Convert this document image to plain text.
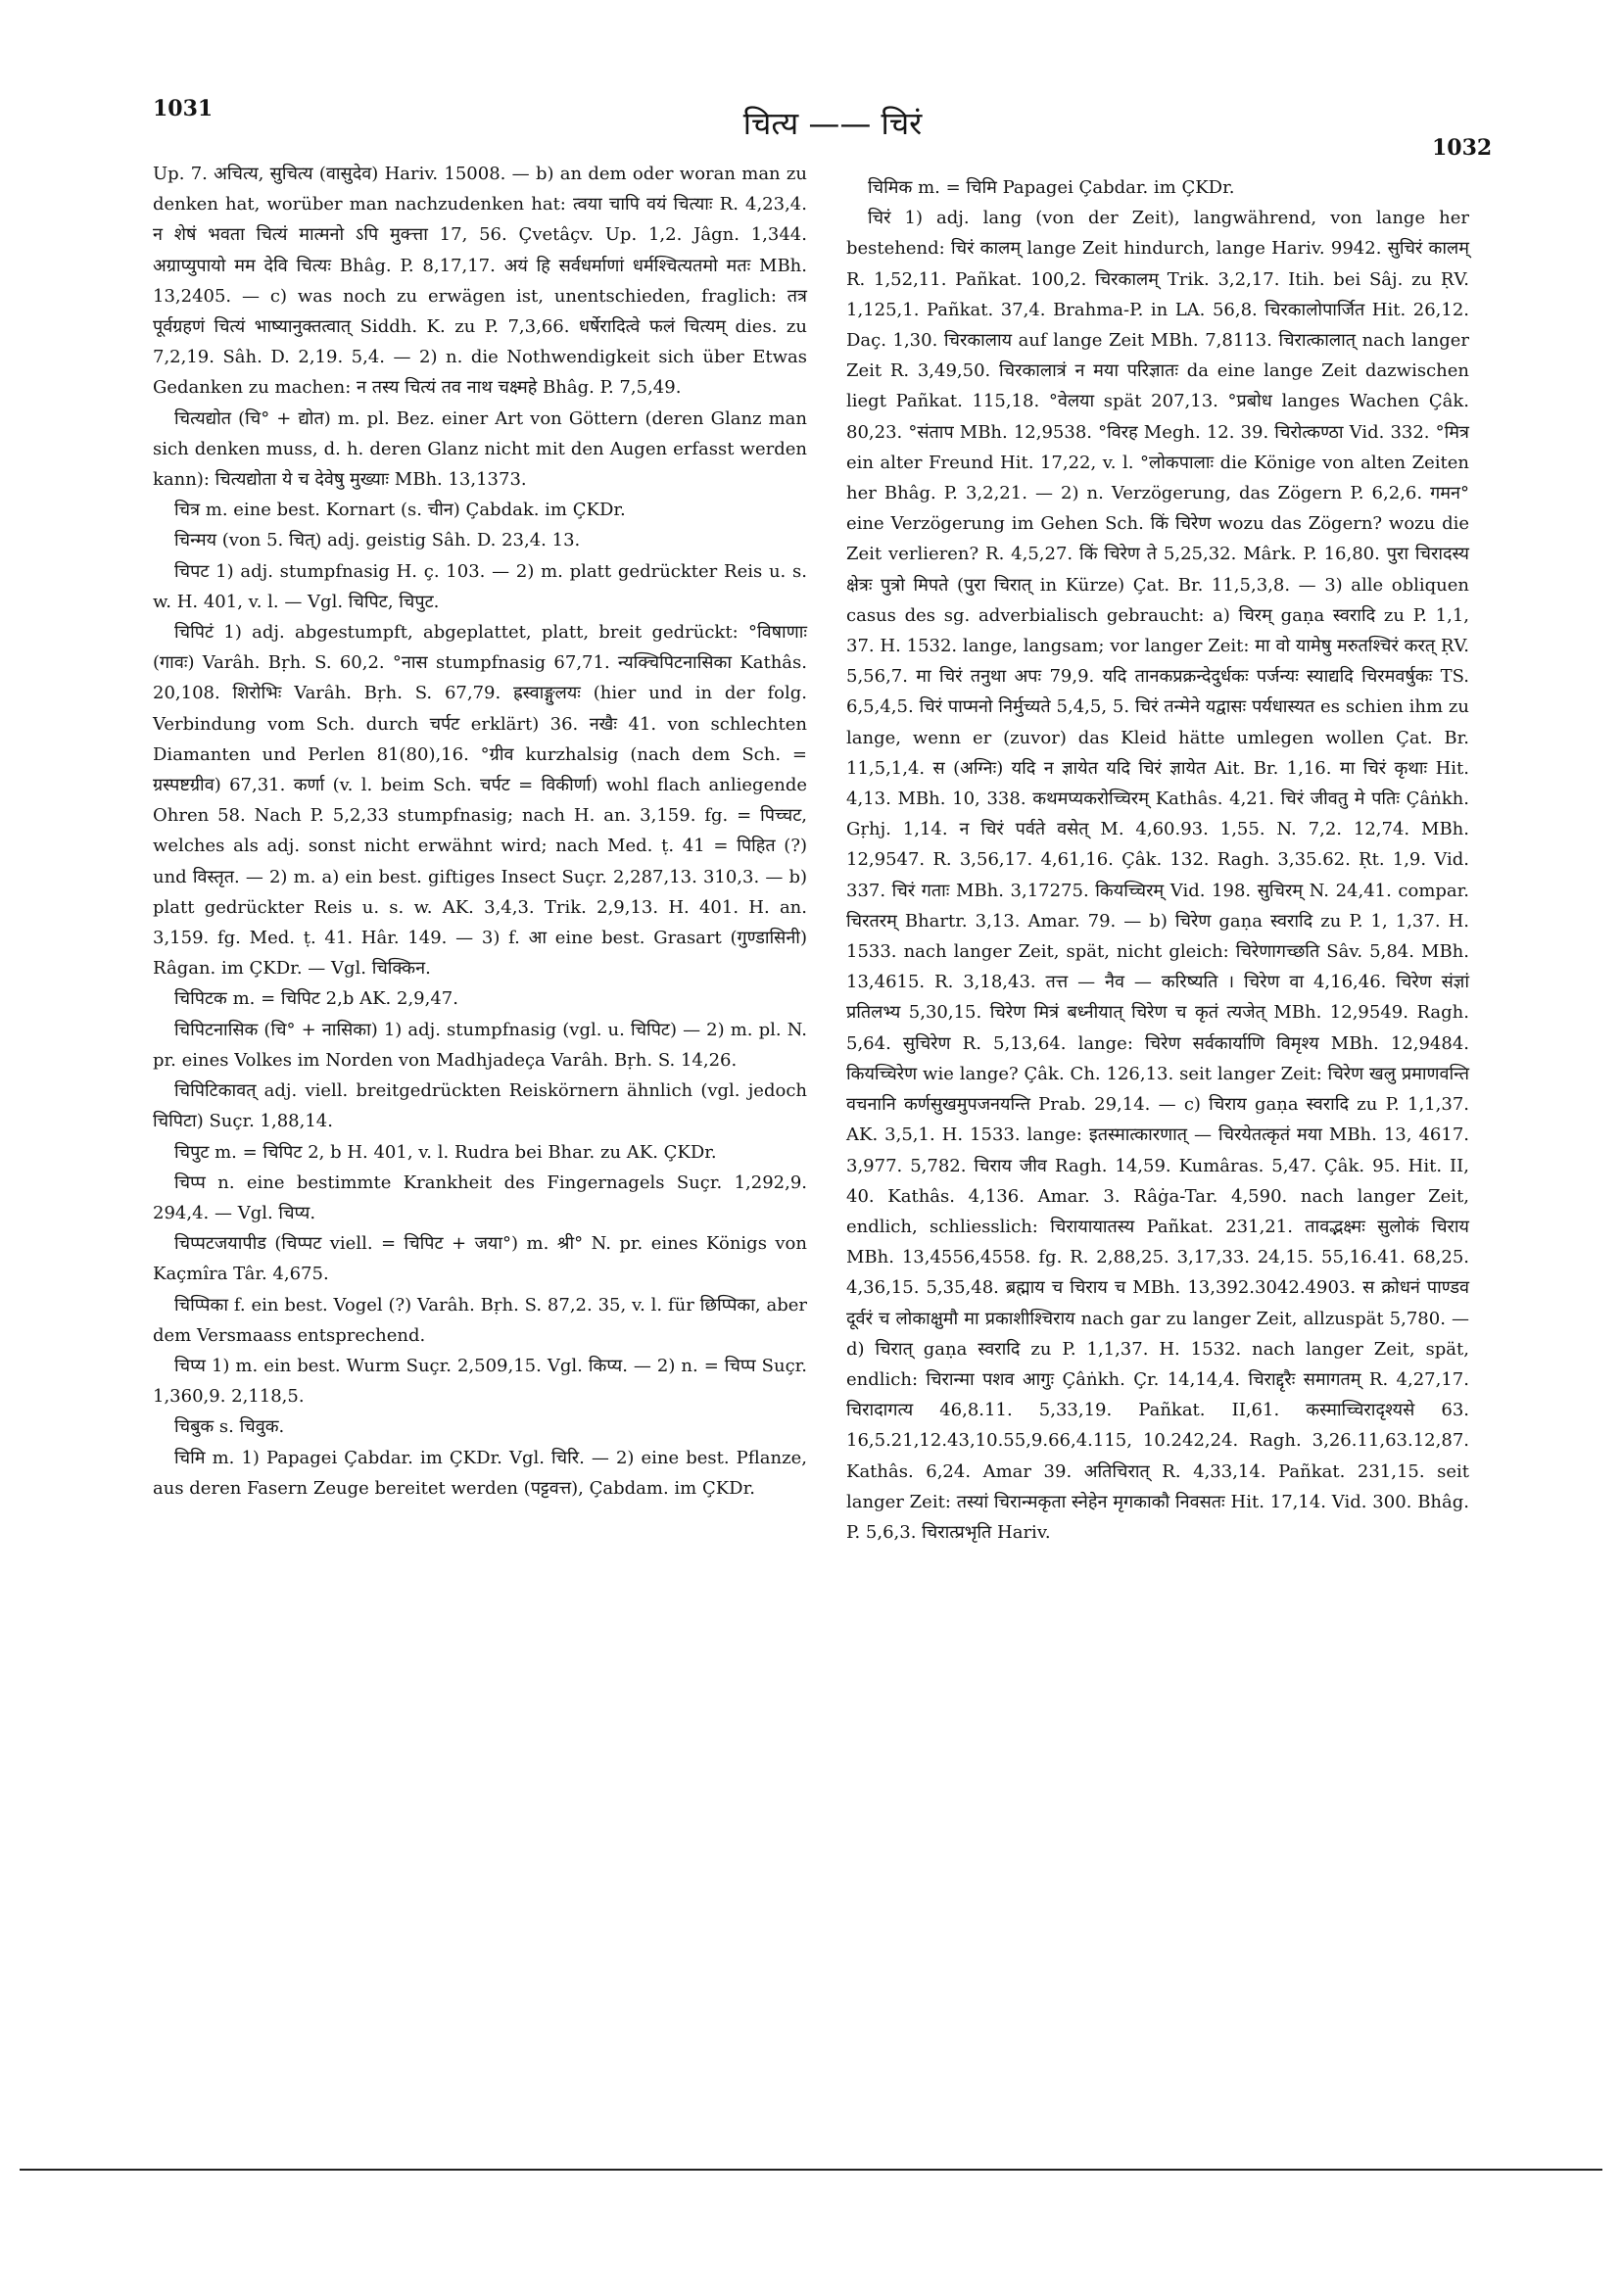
1031	चित्य —— चिरं
1032

Up. 7. अचित्य, सुचित्य (वासुदेव) Hariv. 15008. — b) an dem oder woran man zu denken hat, worüber man nachzudenken hat: त्वया चापि वयं चित्याः R. 4,23,4. न शेषं भवता चित्यं मात्मनो ऽपि मुक्त्ता 17, 56. Çvetâçv. Up. 1,2. Jâgn. 1,344. अग्राप्युपायो मम देवि चित्यः Bhâg. P. 8,17,17. अयं हि सर्वधर्माणां धर्मश्चित्यतमो मतः MBh. 13,2405. — c) was noch zu erwägen ist, unentschieden, fraglich: तत्र पूर्वग्रहणं चित्यं भाष्यानुक्तत्वात् Siddh. K. zu P. 7,3,66. धर्षेरादित्वे फलं चित्यम् dies. zu 7,2,19. Sâh. D. 2,19. 5,4. — 2) n. die Nothwendigkeit sich über Etwas Gedanken zu machen: न तस्य चित्यं तव नाथ चक्ष्महे Bhâg. P. 7,5,49.

चित्यद्योत (चि° + द्योत) m. pl. Bez. einer Art von Göttern (deren Glanz man sich denken muss, d. h. deren Glanz nicht mit den Augen erfasst werden kann): चित्यद्योता ये च देवेषु मुख्याः MBh. 13,1373.

चित्र m. eine best. Kornart (s. चीन) Çabdak. im ÇKDr.

चिन्मय (von 5. चित्) adj. geistig Sâh. D. 23,4. 13.

चिपट 1) adj. stumpfnasig H. ç. 103. — 2) m. platt gedrückter Reis u. s. w. H. 401, v. l. — Vgl. चिपिट, चिपुट.

चिपिटं 1) adj. abgestumpft, abgeplattet, platt, breit gedrückt: °विषाणाः (गावः) Varâh. Bṛh. S. 60,2. °नास stumpfnasig 67,71. न्यक्चिपिटनासिका Kathâs. 20,108. शिरोभिः Varâh. Bṛh. S. 67,79. ह्रस्वाङ्गुलयः (hier und in der folg. Verbindung vom Sch. durch चर्पट erklärt) 36. नखैः 41. von schlechten Diamanten und Perlen 81(80),16. °ग्रीव kurzhalsig (nach dem Sch. = ग्रस्पष्टग्रीव) 67,31. कर्णा (v. l. beim Sch. चर्पट = विकीर्णा) wohl flach anliegende Ohren 58. Nach P. 5,2,33 stumpfnasig; nach H. an. 3,159. fg. = पिच्चट, welches als adj. sonst nicht erwähnt wird; nach Med. ṭ. 41 = पिहित (?) und विस्तृत. — 2) m. a) ein best. giftiges Insect Suçr. 2,287,13. 310,3. — b) platt gedrückter Reis u. s. w. AK. 3,4,3. Trik. 2,9,13. H. 401. H. an. 3,159. fg. Med. ṭ. 41. Hâr. 149. — 3) f. आ eine best. Grasart (गुण्डासिनी) Râgan. im ÇKDr. — Vgl. चिक्किन.

चिपिटक m. = चिपिट 2,b AK. 2,9,47.

चिपिटनासिक (चि° + नासिका) 1) adj. stumpfnasig (vgl. u. चिपिट) — 2) m. pl. N. pr. eines Volkes im Norden von Madhjadeça Varâh. Bṛh. S. 14,26.

चिपिटिकावत् adj. viell. breitgedrückten Reiskörnern ähnlich (vgl. jedoch चिपिटा) Suçr. 1,88,14.

चिपुट m. = चिपिट 2, b H. 401, v. l. Rudra bei Bhar. zu AK. ÇKDr.

चिप्प n. eine bestimmte Krankheit des Fingernagels Suçr. 1,292,9. 294,4. — Vgl. चिप्य.

चिप्पटजयापीड (चिप्पट viell. = चिपिट + जया°) m. श्री° N. pr. eines Königs von Kaçmîra Târ. 4,675.

चिप्पिका f. ein best. Vogel (?) Varâh. Bṛh. S. 87,2. 35, v. l. für छिप्पिका, aber dem Versmaass entsprechend.

चिप्य 1) m. ein best. Wurm Suçr. 2,509,15. Vgl. किप्य. — 2) n. = चिप्प Suçr. 1,360,9. 2,118,5.

चिबुक s. चिवुक.

चिमि m. 1) Papagei Çabdar. im ÇKDr. Vgl. चिरि. — 2) eine best. Pflanze, aus deren Fasern Zeuge bereitet werden (पट्टवत्त), Çabdam. im ÇKDr.

चिमिक m. = चिमि Papagei Çabdar. im ÇKDr.

चिरं 1) adj. lang (von der Zeit), langwährend, von lange her bestehend: चिरं कालम् lange Zeit hindurch, lange Hariv. 9942. सुचिरं कालम् R. 1,52,11. Pañkat. 100,2. चिरकालम् Trik. 3,2,17. Itih. bei Sâj. zu ṚV. 1,125,1. Pañkat. 37,4. Brahma-P. in LA. 56,8. चिरकालोपार्जित Hit. 26,12. Daç. 1,30. चिरकालाय auf lange Zeit MBh. 7,8113. चिरात्कालात् nach langer Zeit R. 3,49,50. चिरकालात्रं न मया परिज्ञातः da eine lange Zeit dazwischen liegt Pañkat. 115,18. °वेलया spät 207,13. °प्रबोध langes Wachen Çâk. 80,23. °संताप MBh. 12,9538. °विरह Megh. 12. 39. चिरोत्कण्ठा Vid. 332. °मित्र ein alter Freund Hit. 17,22, v. l. °लोकपालाः die Könige von alten Zeiten her Bhâg. P. 3,2,21. — 2) n. Verzögerung, das Zögern P. 6,2,6. गमन° eine Verzögerung im Gehen Sch. किं चिरेण wozu das Zögern? wozu die Zeit verlieren? R. 4,5,27. किं चिरेण ते 5,25,32. Mârk. P. 16,80. पुरा चिरादस्य क्षेत्रः पुत्रो मिपते (पुरा चिरात् in Kürze) Çat. Br. 11,5,3,8. — 3) alle obliquen casus des sg. adverbialisch gebraucht: a) चिरम् gaṇa स्वरादि zu P. 1,1, 37. H. 1532. lange, langsam; vor langer Zeit: मा वो यामेषु मरुतश्चिरं करत् ṚV. 5,56,7. मा चिरं तनुथा अपः 79,9. यदि तानकप्रक्रन्देदुर्धकः पर्जन्यः स्याद्यदि चिरमवर्षुकः TS. 6,5,4,5. चिरं पाप्मनो निर्मुच्यते 5,4,5, 5. चिरं तन्मेने यद्वासः पर्यधास्यत es schien ihm zu lange, wenn er (zuvor) das Kleid hätte umlegen wollen Çat. Br. 11,5,1,4. स (अग्निः) यदि न ज्ञायेत यदि चिरं ज्ञायेत Ait. Br. 1,16. मा चिरं कृथाः Hit. 4,13. MBh. 10, 338. कथमप्यकरोच्चिरम् Kathâs. 4,21. चिरं जीवतु मे पतिः Çâṅkh. Gṛhj. 1,14. न चिरं पर्वते वसेत् M. 4,60.93. 1,55. N. 7,2. 12,74. MBh. 12,9547. R. 3,56,17. 4,61,16. Çâk. 132. Ragh. 3,35.62. Ṛt. 1,9. Vid. 337. चिरं गताः MBh. 3,17275. कियच्चिरम् Vid. 198. सुचिरम् N. 24,41. compar. चिरतरम् Bhartr. 3,13. Amar. 79. — b) चिरेण gaṇa स्वरादि zu P. 1, 1,37. H. 1533. nach langer Zeit, spät, nicht gleich: चिरेणागच्छति Sâv. 5,84. MBh. 13,4615. R. 3,18,43. तत्त — नैव — करिष्यति । चिरेण वा 4,16,46. चिरेण संज्ञां प्रतिलभ्य 5,30,15. चिरेण मित्रं बध्नीयात् चिरेण च कृतं त्यजेत् MBh. 12,9549. Ragh. 5,64. सुचिरेण R. 5,13,64. lange: चिरेण सर्वकार्याणि विमृश्य MBh. 12,9484. कियच्चिरेण wie lange? Çâk. Ch. 126,13. seit langer Zeit: चिरेण खलु प्रमाणवन्ति वचनानि कर्णसुखमुपजनयन्ति Prab. 29,14. — c) चिराय gaṇa स्वरादि zu P. 1,1,37. AK. 3,5,1. H. 1533. lange: इतस्मात्कारणात् — चिरयेतत्कृतं मया MBh. 13, 4617. 3,977. 5,782. चिराय जीव Ragh. 14,59. Kumâras. 5,47. Çâk. 95. Hit. II, 40. Kathâs. 4,136. Amar. 3. Râġa-Tar. 4,590. nach langer Zeit, endlich, schliesslich: चिरायायातस्य Pañkat. 231,21. तावद्भक्ष्मः सुलोकं चिराय MBh. 13,4556,4558. fg. R. 2,88,25. 3,17,33. 24,15. 55,16.41. 68,25. 4,36,15. 5,35,48. ब्रह्माय च चिराय च MBh. 13,392.3042.4903. स क्रोधनं पाण्डव दूर्वरं च लोकाक्षुमौ मा प्रकाशीश्चिराय nach gar zu langer Zeit, allzuspät 5,780. — d) चिरात् gaṇa स्वरादि zu P. 1,1,37. H. 1532. nach langer Zeit, spät, endlich: चिरान्मा पशव आगुः Çâṅkh. Çr. 14,14,4. चिराद्दृरैः समागतम् R. 4,27,17. चिरादागत्य 46,8.11. 5,33,19. Pañkat. II,61. कस्माच्चिरादृश्यसे 63. 16,5.21,12.43,10.55,9.66,4.115, 10.242,24. Ragh. 3,26.11,63.12,87. Kathâs. 6,24. Amar 39. अतिचिरात् R. 4,33,14. Pañkat. 231,15. seit langer Zeit: तस्यां चिरान्मकृता स्नेहेन मृगकाकौ निवसतः Hit. 17,14. Vid. 300. Bhâg. P. 5,6,3. चिरात्प्रभृति Hariv.
